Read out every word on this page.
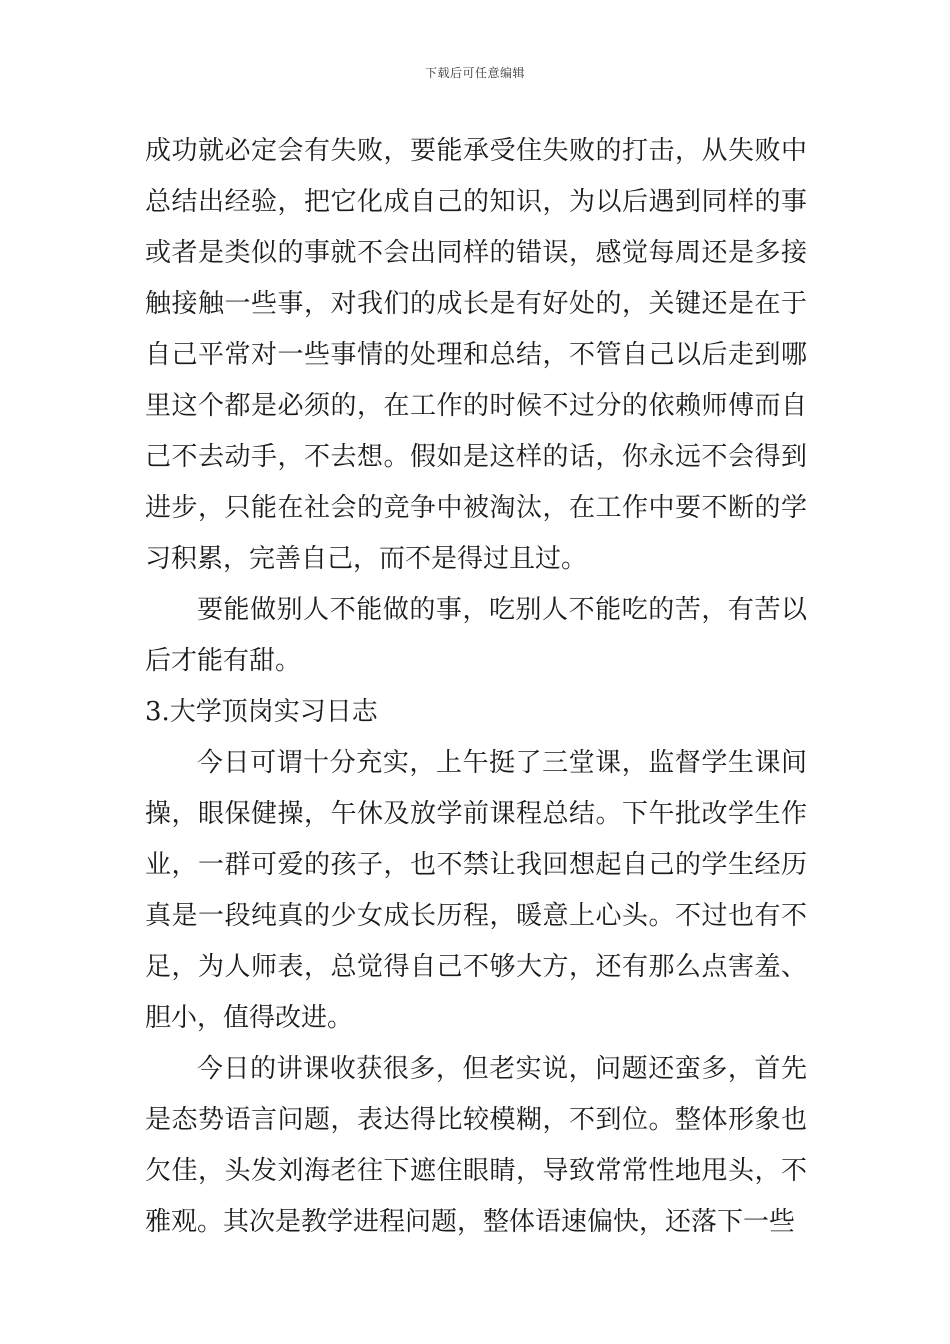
下载后可任意编辑

成功就必定会有失败，要能承受住失败的打击，从失败中总结出经验，把它化成自己的知识，为以后遇到同样的事或者是类似的事就不会出同样的错误，感觉每周还是多接触接触一些事，对我们的成长是有好处的，关键还是在于自己平常对一些事情的处理和总结，不管自己以后走到哪里这个都是必须的，在工作的时候不过分的依赖师傅而自己不去动手，不去想。假如是这样的话，你永远不会得到进步，只能在社会的竞争中被淘汰，在工作中要不断的学习积累，完善自己，而不是得过且过。

要能做别人不能做的事，吃别人不能吃的苦，有苦以后才能有甜。

3.大学顶岗实习日志

今日可谓十分充实，上午挺了三堂课，监督学生课间操，眼保健操，午休及放学前课程总结。下午批改学生作业，一群可爱的孩子，也不禁让我回想起自己的学生经历真是一段纯真的少女成长历程，暖意上心头。不过也有不足，为人师表，总觉得自己不够大方，还有那么点害羞、胆小，值得改进。

今日的讲课收获很多，但老实说，问题还蛮多，首先是态势语言问题，表达得比较模糊，不到位。整体形象也欠佳，头发刘海老往下遮住眼睛，导致常常性地甩头，不雅观。其次是教学进程问题，整体语速偏快，还落下一些
